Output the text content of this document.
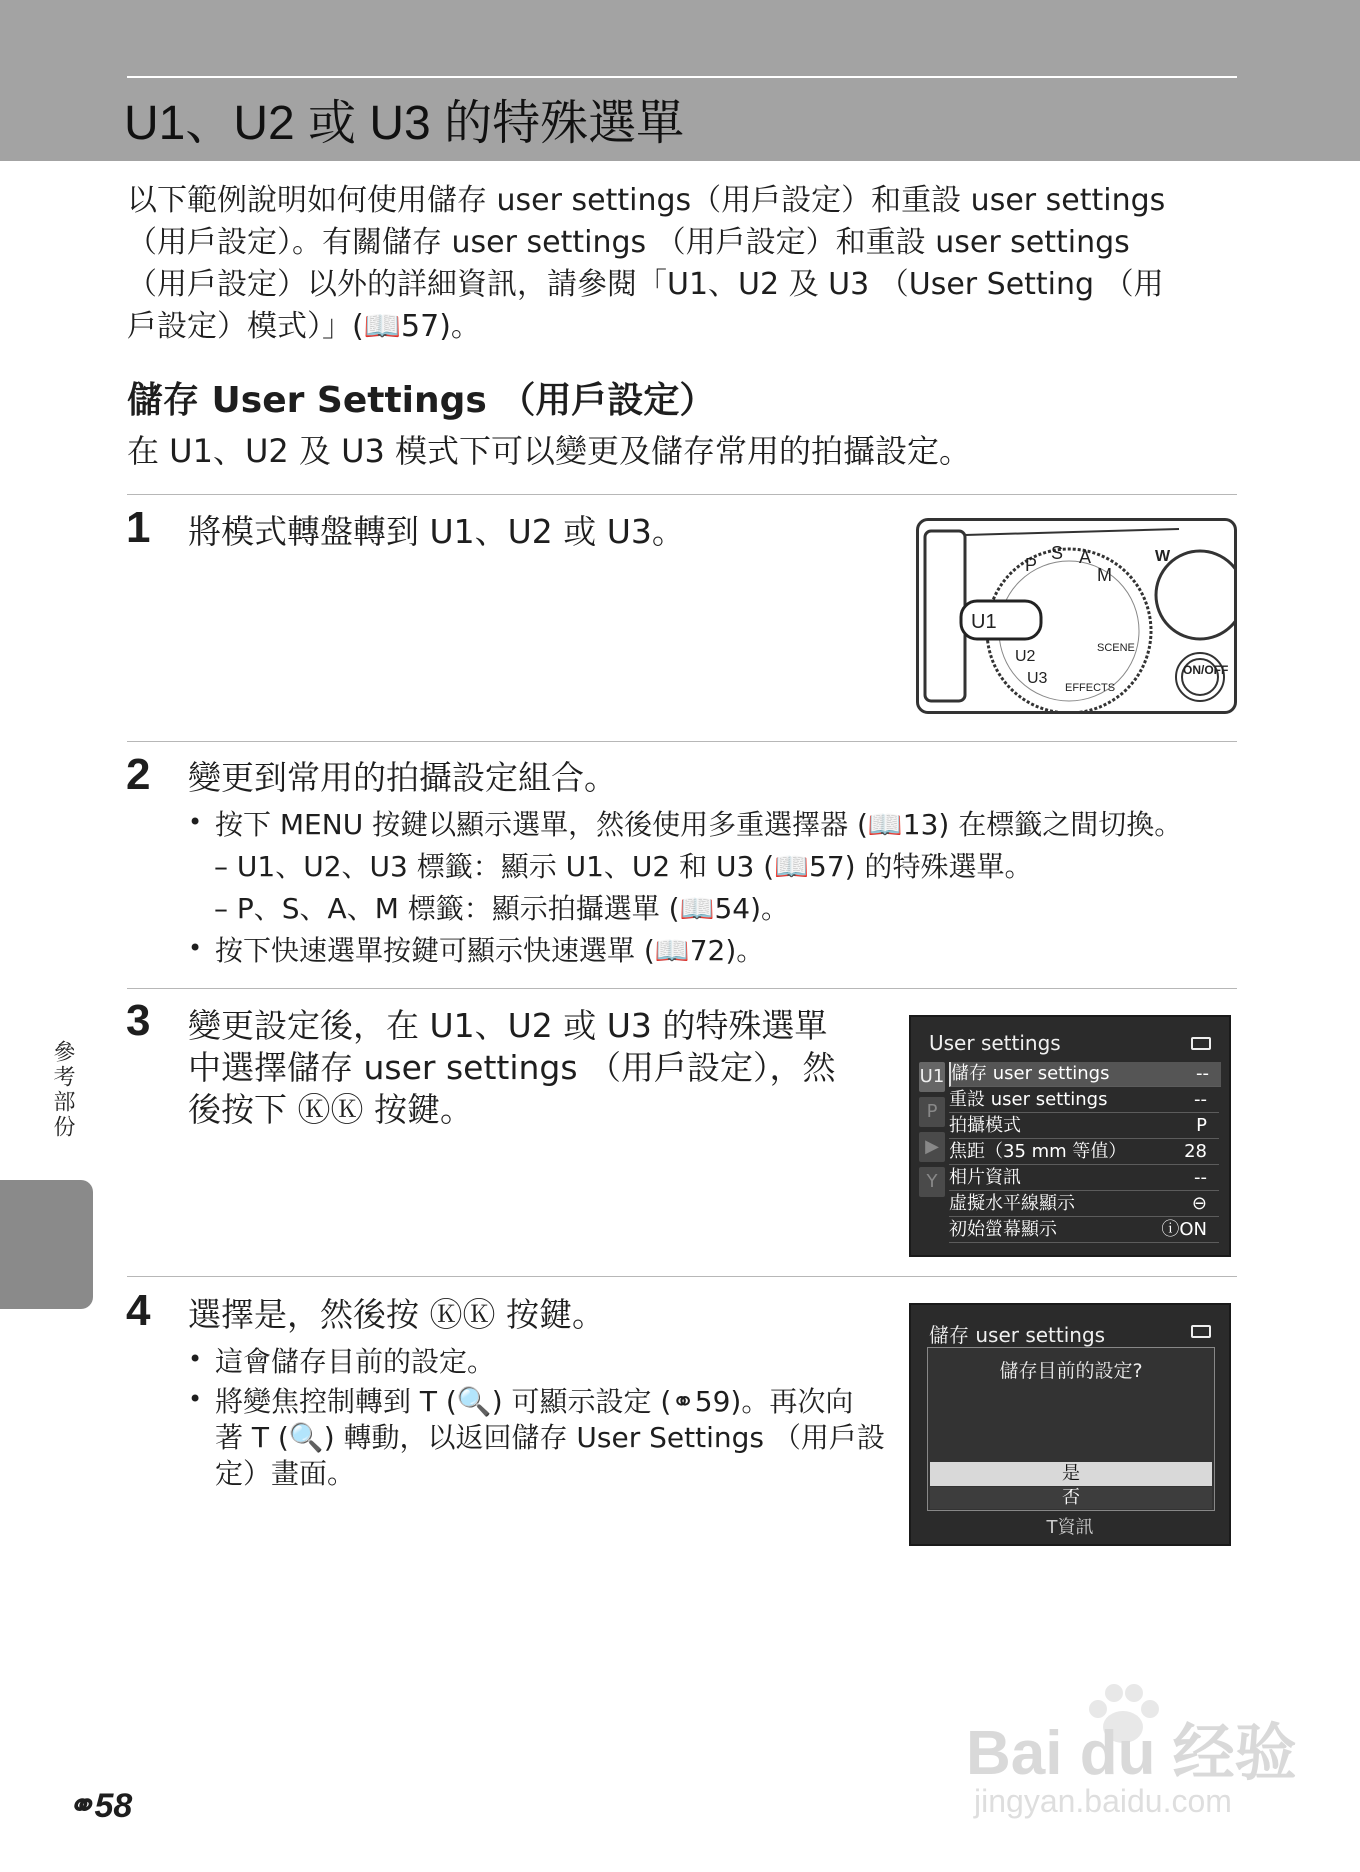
U1、U2 或 U3 的特殊選單
以下範例說明如何使用儲存 user settings（用戶設定）和重設 user settings
（用戶設定）。有關儲存 user settings （用戶設定）和重設 user settings
（用戶設定）以外的詳細資訊，請參閱「U1、U2 及 U3 （User Setting （用
戶設定）模式）」(📖57)。
儲存 User Settings （用戶設定）
在 U1、U2 及 U3 模式下可以變更及儲存常用的拍攝設定。
1 將模式轉盤轉到 U1、U2 或 U3。
U1
P
S A
M
U2
U3
EFFECTS
SCENE
W
ON/OFF
2 變更到常用的拍攝設定組合。
• 按下 MENU 按鍵以顯示選單，然後使用多重選擇器 (📖13) 在標籤之間切換。
– U1、U2、U3 標籤：顯示 U1、U2 和 U3 (📖57) 的特殊選單。
– P、S、A、M 標籤：顯示拍攝選單 (📖54)。
• 按下快速選單按鍵可顯示快速選單 (📖72)。
3 變更設定後，在 U1、U2 或 U3 的特殊選單
中選擇儲存 user settings （用戶設定），然
後按下 ⓀⓀ 按鍵。
User settings
U1
P
▶
Y
儲存 user settings	--
重設 user settings	--
拍攝模式	P
焦距（35 mm 等值）	28
相片資訊	--
虛擬水平線顯示	⊖
初始螢幕顯示	ⓘON
4 選擇是，然後按 ⓀⓀ 按鍵。
• 這會儲存目前的設定。
• 將變焦控制轉到 T (🔍) 可顯示設定 (⚭59)。再次向
著 T (🔍) 轉動，以返回儲存 User Settings （用戶設
定）畫面。
儲存 user settings
儲存目前的設定?
是
否
T資訊
參考部份
⚭58
Bai du 经验
jingyan.baidu.com
